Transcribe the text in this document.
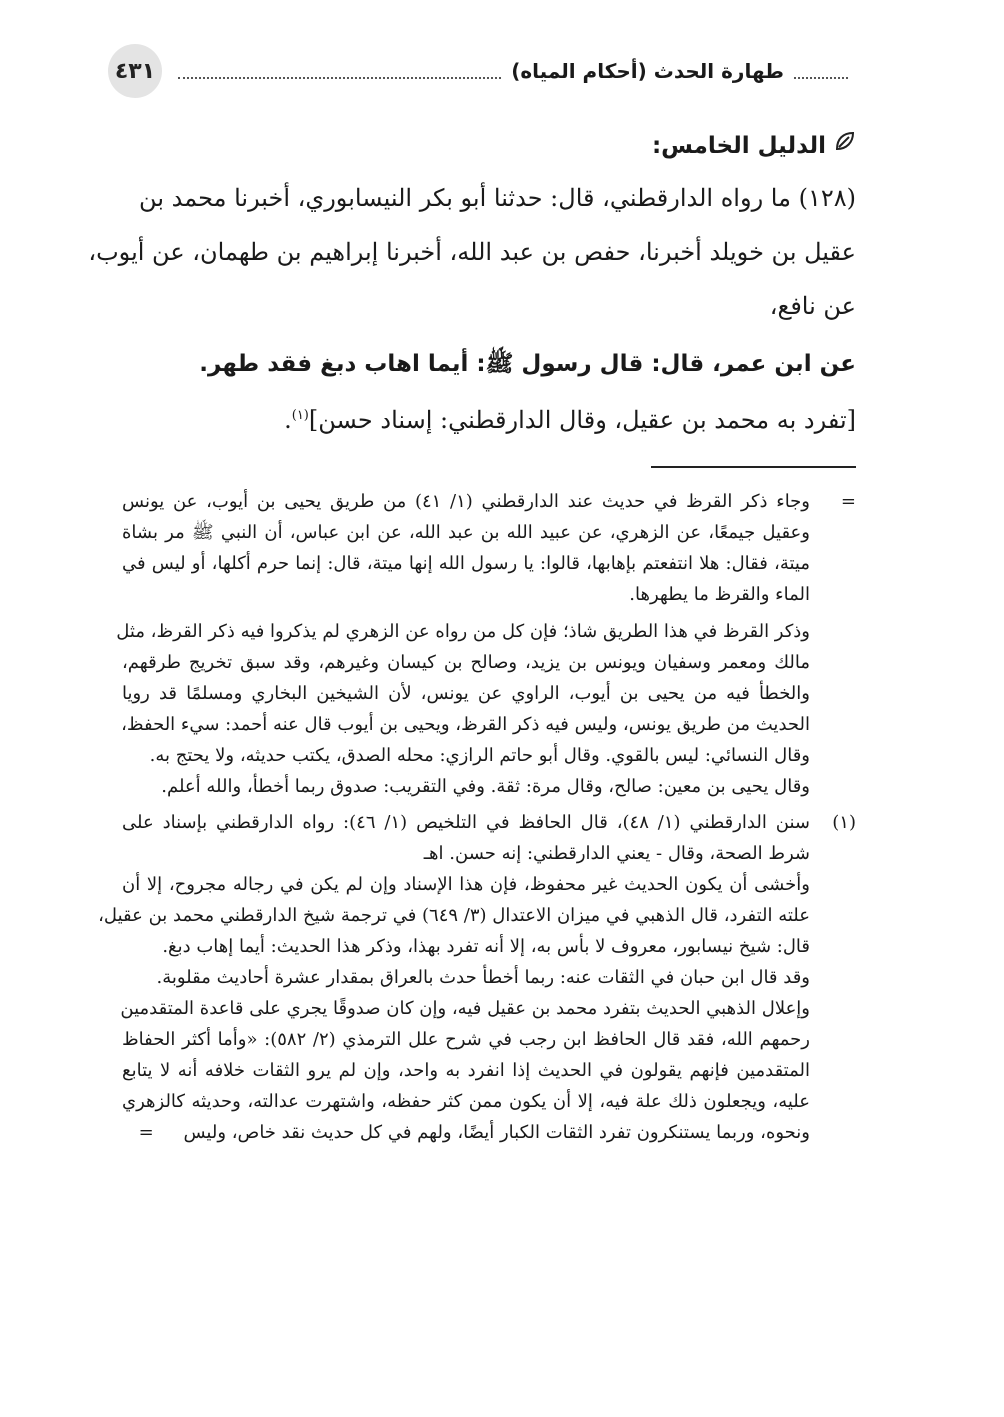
٤٣١	طهارة الحدث (أحكام المياه)
الدليل الخامس:
(١٢٨) ما رواه الدارقطني، قال: حدثنا أبو بكر النيسابوري، أخبرنا محمد بن
عقيل بن خويلد أخبرنا، حفص بن عبد الله، أخبرنا إبراهيم بن طهمان، عن أيوب،
عن نافع،
عن ابن عمر، قال: قال رسول ﷺ: أيما اهاب دبغ فقد طهر.
[تفرد به محمد بن عقيل، وقال الدارقطني: إسناد حسن]$^{(١)}$.
=
وجاء ذكر القرظ في حديث عند الدارقطني (١/ ٤١) من طريق يحيى بن أيوب، عن يونس
وعقيل جيمعًا، عن الزهري، عن عبيد الله بن عبد الله، عن ابن عباس، أن النبي ﷺ مر بشاة
ميتة، فقال: هلا انتفعتم بإهابها، قالوا: يا رسول الله إنها ميتة، قال: إنما حرم أكلها، أو ليس في
الماء والقرظ ما يطهرها.
وذكر القرظ في هذا الطريق شاذ؛ فإن كل من رواه عن الزهري لم يذكروا فيه ذكر القرظ، مثل
مالك ومعمر وسفيان ويونس بن يزيد، وصالح بن كيسان وغيرهم، وقد سبق تخريج طرقهم،
والخطأ فيه من يحيى بن أيوب، الراوي عن يونس، لأن الشيخين البخاري ومسلمًا قد رويا
الحديث من طريق يونس، وليس فيه ذكر القرظ، ويحيى بن أيوب قال عنه أحمد: سيء الحفظ،
وقال النسائي: ليس بالقوي. وقال أبو حاتم الرازي: محله الصدق، يكتب حديثه، ولا يحتج به.
وقال يحيى بن معين: صالح، وقال مرة: ثقة. وفي التقريب: صدوق ربما أخطأ، والله أعلم.
(١)
سنن الدارقطني (١/ ٤٨)، قال الحافظ في التلخيص (١/ ٤٦): رواه الدارقطني بإسناد على
شرط الصحة، وقال - يعني الدارقطني: إنه حسن. اهـ
وأخشى أن يكون الحديث غير محفوظ، فإن هذا الإسناد وإن لم يكن في رجاله مجروح، إلا أن
علته التفرد، قال الذهبي في ميزان الاعتدال (٣/ ٦٤٩) في ترجمة شيخ الدارقطني محمد بن عقيل،
قال: شيخ نيسابور، معروف لا بأس به، إلا أنه تفرد بهذا، وذكر هذا الحديث: أيما إهاب دبغ.
وقد قال ابن حبان في الثقات عنه: ربما أخطأ حدث بالعراق بمقدار عشرة أحاديث مقلوبة.
وإعلال الذهبي الحديث بتفرد محمد بن عقيل فيه، وإن كان صدوقًا يجري على قاعدة المتقدمين
رحمهم الله، فقد قال الحافظ ابن رجب في شرح علل الترمذي (٢/ ٥٨٢): «وأما أكثر الحفاظ
المتقدمين فإنهم يقولون في الحديث إذا انفرد به واحد، وإن لم يرو الثقات خلافه أنه لا يتابع
عليه، ويجعلون ذلك علة فيه، إلا أن يكون ممن كثر حفظه، واشتهرت عدالته، وحديثه كالزهري
ونحوه، وربما يستنكرون تفرد الثقات الكبار أيضًا، ولهم في كل حديث نقد خاص، وليس =
